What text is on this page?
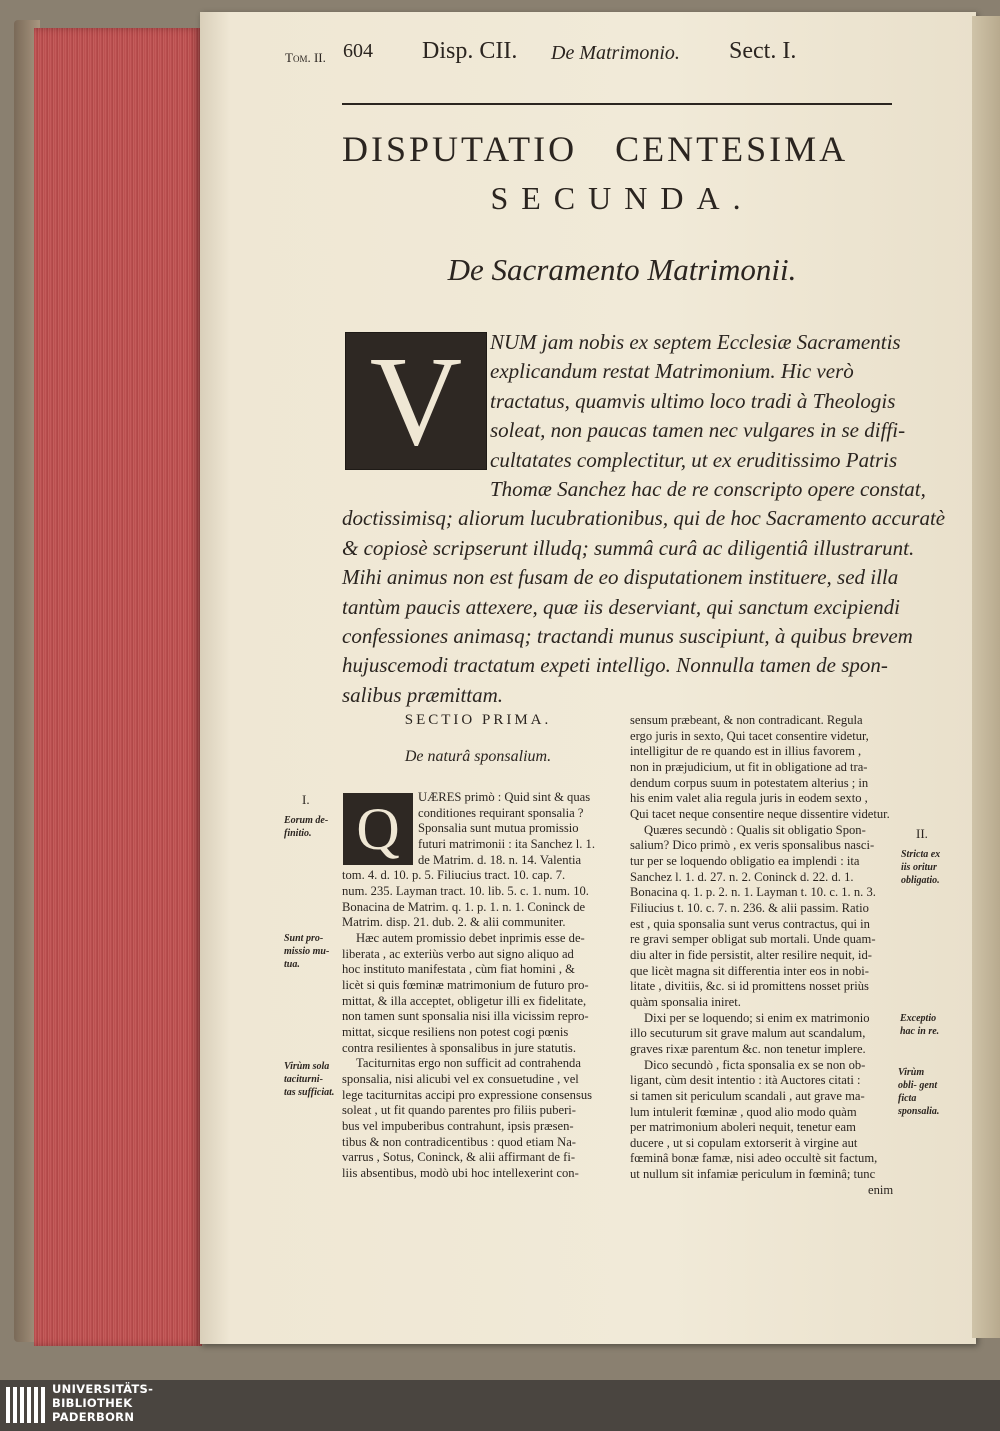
Tom. II. 604 Disp. CII. De Matrimonio. Sect. I.
DISPUTATIO CENTESIMA
SECUNDA.
De Sacramento Matrimonii.
V	NUM jam nobis ex septem Ecclesiæ Sacramentis
explicandum restat Matrimonium. Hic verò
tractatus, quamvis ultimo loco tradi à Theologis
soleat, non paucas tamen nec vulgares in se diffi-
cultatates complectitur, ut ex eruditissimo Patris
Thomæ Sanchez hac de re conscripto opere constat,
doctissimisq; aliorum lucubrationibus, qui de hoc Sacramento accuratè
& copiosè scripserunt illudq; summâ curâ ac diligentiâ illustrarunt.
Mihi animus non est fusam de eo disputationem instituere, sed illa
tantùm paucis attexere, quæ iis deserviant, qui sanctum excipiendi
confessiones animasq; tractandi munus suscipiunt, à quibus brevem
hujuscemodi tractatum expeti intelligo. Nonnulla tamen de spon-
salibus præmittam.
SECTIO PRIMA.
De naturâ sponsalium.
Q	UÆRES primò : Quid sint & quas
conditiones requirant sponsalia ?
Sponsalia sunt mutua promissio
futuri matrimonii : ita Sanchez l. 1.
de Matrim. d. 18. n. 14. Valentia
tom. 4. d. 10. p. 5. Filiucius tract. 10. cap. 7.
num. 235. Layman tract. 10. lib. 5. c. 1. num. 10.
Bonacina de Matrim. q. 1. p. 1. n. 1. Coninck de
Matrim. disp. 21. dub. 2. & alii communiter.
Hæc autem promissio debet inprimis esse de-
liberata , ac exteriùs verbo aut signo aliquo ad
hoc instituto manifestata , cùm fiat homini , &
licèt si quis fœminæ matrimonium de futuro pro-
mittat, & illa acceptet, obligetur illi ex fidelitate,
non tamen sunt sponsalia nisi illa vicissim repro-
mittat, sicque resiliens non potest cogi pœnis
contra resilientes à sponsalibus in jure statutis.
Taciturnitas ergo non sufficit ad contrahenda
sponsalia, nisi alicubi vel ex consuetudine , vel
lege taciturnitas accipi pro expressione consensus
soleat , ut fit quando parentes pro filiis puberi-
bus vel impuberibus contrahunt, ipsis præsen-
tibus & non contradicentibus : quod etiam Na-
varrus , Sotus, Coninck, & alii affirmant de fi-
liis absentibus, modò ubi hoc intellexerint con-
sensum præbeant, & non contradicant. Regula
ergo juris in sexto, Qui tacet consentire videtur,
intelligitur de re quando est in illius favorem ,
non in præjudicium, ut fit in obligatione ad tra-
dendum corpus suum in potestatem alterius ; in
his enim valet alia regula juris in eodem sexto ,
Qui tacet neque consentire neque dissentire videtur.
Quæres secundò : Qualis sit obligatio Spon-
salium? Dico primò , ex veris sponsalibus nasci-
tur per se loquendo obligatio ea implendi : ita
Sanchez l. 1. d. 27. n. 2. Coninck d. 22. d. 1.
Bonacina q. 1. p. 2. n. 1. Layman t. 10. c. 1. n. 3.
Filiucius t. 10. c. 7. n. 236. & alii passim. Ratio
est , quia sponsalia sunt verus contractus, qui in
re gravi semper obligat sub mortali. Unde quam-
diu alter in fide persistit, alter resilire nequit, id-
que licèt magna sit differentia inter eos in nobi-
litate , divitiis, &c. si id promittens nosset priùs
quàm sponsalia iniret.
Dixi per se loquendo; si enim ex matrimonio
illo secuturum sit grave malum aut scandalum,
graves rixæ parentum &c. non tenetur implere.
Dico secundò , ficta sponsalia ex se non ob-
ligant, cùm desit intentio : ità Auctores citati :
si tamen sit periculum scandali , aut grave ma-
lum intulerit fœminæ , quod alio modo quàm
per matrimonium aboleri nequit, tenetur eam
ducere , ut si copulam extorserit à virgine aut
fœminâ bonæ famæ, nisi adeo occultè sit factum,
ut nullum sit infamiæ periculum in fœminâ; tunc
enim
I.
Eorum de- finitio.
Sunt pro- missio mu- tua.
Virùm sola taciturni- tas sufficiat.
II.
Stricta ex iis oritur obligatio.
Exceptio hac in re.
Virùm obli- gent ficta sponsalia.
UNIVERSITÄTS-
BIBLIOTHEK
PADERBORN
